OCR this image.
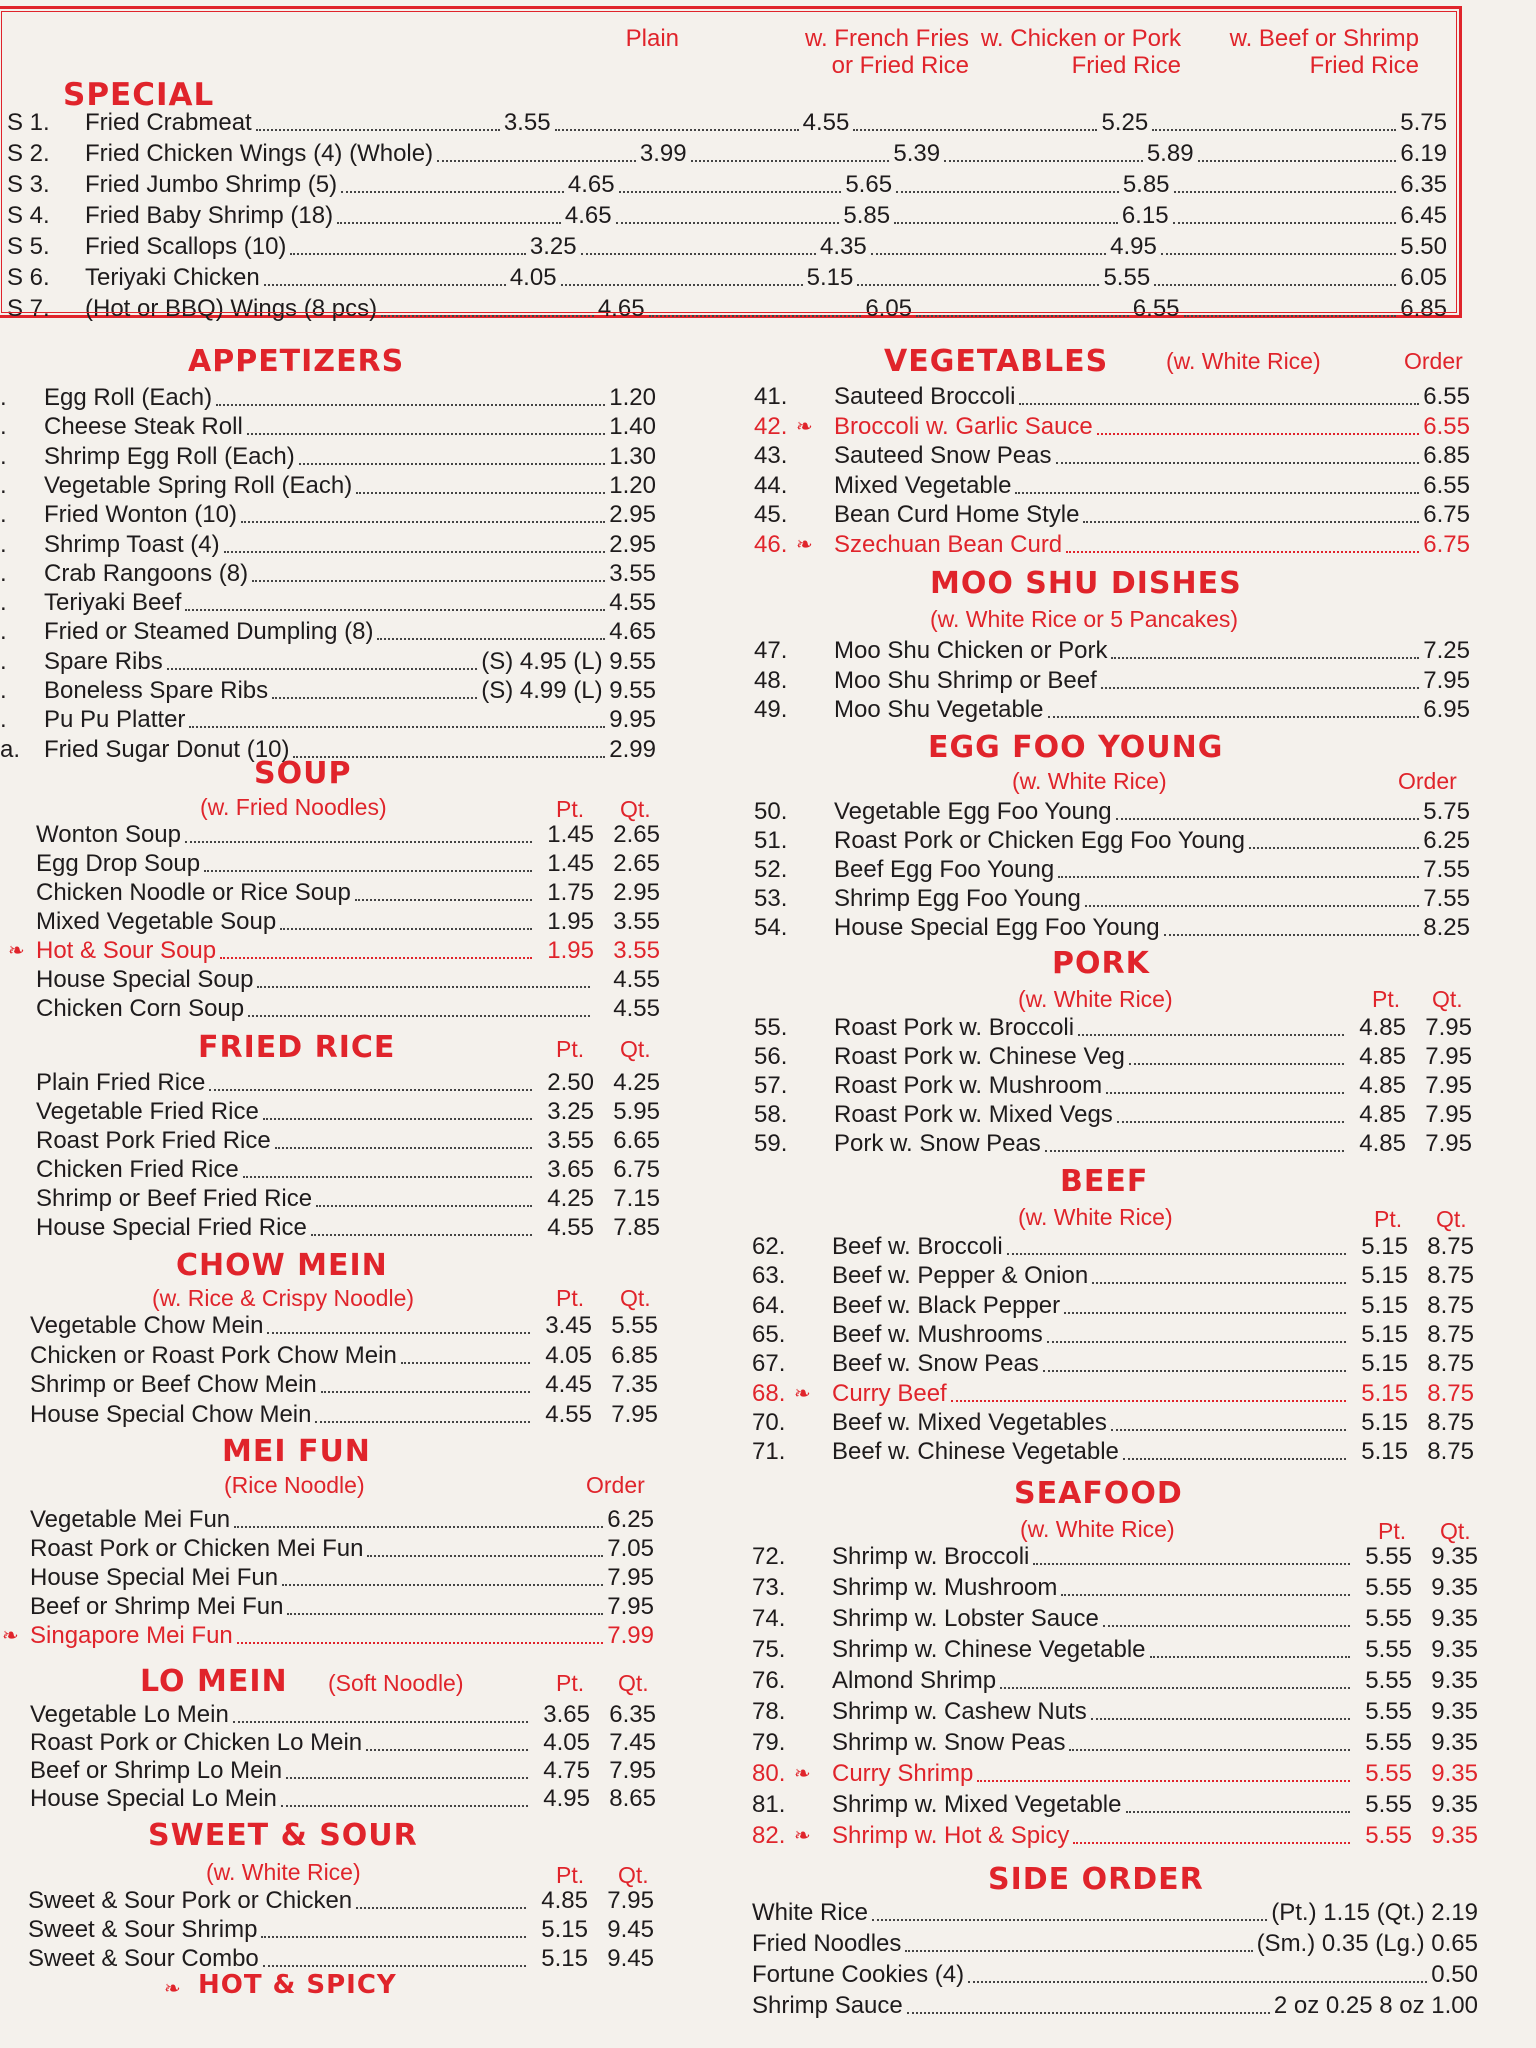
Plain	w. French Fries
or Fried Rice
w. Chicken or Pork
Fried Rice
w. Beef or Shrimp
Fried Rice
SPECIAL
S 1.	Fried Crabmeat	3.55	4.55	5.25	5.75
S 2.	Fried Chicken Wings (4) (Whole)	3.99	5.39	5.89	6.19
S 3.	Fried Jumbo Shrimp (5)	4.65	5.65	5.85	6.35
S 4.	Fried Baby Shrimp (18)	4.65	5.85	6.15	6.45
S 5.	Fried Scallops (10)	3.25	4.35	4.95	5.50
S 6.	Teriyaki Chicken	4.05	5.15	5.55	6.05
S 7.	(Hot or BBQ) Wings (8 pcs)	4.65	6.05	6.55	6.85
APPETIZERS
.	Egg Roll (Each)	1.20
.	Cheese Steak Roll	1.40
.	Shrimp Egg Roll (Each)	1.30
.	Vegetable Spring Roll (Each)	1.20
.	Fried Wonton (10)	2.95
.	Shrimp Toast (4)	2.95
.	Crab Rangoons (8)	3.55
.	Teriyaki Beef	4.55
.	Fried or Steamed Dumpling (8)	4.65
.	Spare Ribs	(S) 4.95 (L) 9.55
.	Boneless Spare Ribs	(S) 4.99 (L) 9.55
.	Pu Pu Platter	9.95
a. Fried Sugar Donut (10)	2.99
SOUP
(w. Fried Noodles)	Pt. Qt.
Wonton Soup	1.45 2.65
Egg Drop Soup	1.45 2.65
Chicken Noodle or Rice Soup	1.75 2.95
Mixed Vegetable Soup	1.95 3.55
❧ Hot & Sour Soup	1.95 3.55
House Special Soup	4.55
Chicken Corn Soup	4.55
FRIED RICE	Pt. Qt.
Plain Fried Rice	2.50 4.25
Vegetable Fried Rice	3.25 5.95
Roast Pork Fried Rice	3.55 6.65
Chicken Fried Rice	3.65 6.75
Shrimp or Beef Fried Rice	4.25 7.15
House Special Fried Rice	4.55 7.85
CHOW MEIN
(w. Rice & Crispy Noodle)	Pt. Qt.
Vegetable Chow Mein	3.45 5.55
Chicken or Roast Pork Chow Mein	4.05 6.85
Shrimp or Beef Chow Mein	4.45 7.35
House Special Chow Mein	4.55 7.95
MEI FUN
(Rice Noodle)	Order
Vegetable Mei Fun	6.25
Roast Pork or Chicken Mei Fun	7.05
House Special Mei Fun	7.95
Beef or Shrimp Mei Fun	7.95
❧ Singapore Mei Fun	7.99
LO MEIN (Soft Noodle)	Pt. Qt.
Vegetable Lo Mein	3.65 6.35
Roast Pork or Chicken Lo Mein	4.05 7.45
Beef or Shrimp Lo Mein	4.75 7.95
House Special Lo Mein	4.95 8.65
SWEET & SOUR
(w. White Rice)	Pt. Qt.
Sweet & Sour Pork or Chicken	4.85 7.95
Sweet & Sour Shrimp	5.15 9.45
Sweet & Sour Combo	5.15 9.45
❧ HOT & SPICY
VEGETABLES	(w. White Rice)	Order
41.	Sauteed Broccoli	6.55
42. ❧ Broccoli w. Garlic Sauce	6.55
43.	Sauteed Snow Peas	6.85
44.	Mixed Vegetable	6.55
45.	Bean Curd Home Style	6.75
46. ❧ Szechuan Bean Curd	6.75
MOO SHU DISHES
(w. White Rice or 5 Pancakes)
47.	Moo Shu Chicken or Pork	7.25
48.	Moo Shu Shrimp or Beef	7.95
49.	Moo Shu Vegetable	6.95
EGG FOO YOUNG
(w. White Rice)	Order
50.	Vegetable Egg Foo Young	5.75
51.	Roast Pork or Chicken Egg Foo Young	6.25
52.	Beef Egg Foo Young	7.55
53.	Shrimp Egg Foo Young	7.55
54.	House Special Egg Foo Young	8.25
PORK
(w. White Rice)	Pt. Qt.
55.	Roast Pork w. Broccoli	4.85 7.95
56.	Roast Pork w. Chinese Veg	4.85 7.95
57.	Roast Pork w. Mushroom	4.85 7.95
58.	Roast Pork w. Mixed Vegs	4.85 7.95
59.	Pork w. Snow Peas	4.85 7.95
BEEF
(w. White Rice)	Pt. Qt.
62.	Beef w. Broccoli	5.15 8.75
63.	Beef w. Pepper & Onion	5.15 8.75
64.	Beef w. Black Pepper	5.15 8.75
65.	Beef w. Mushrooms	5.15 8.75
67.	Beef w. Snow Peas	5.15 8.75
68. ❧ Curry Beef	5.15 8.75
70.	Beef w. Mixed Vegetables	5.15 8.75
71.	Beef w. Chinese Vegetable	5.15 8.75
SEAFOOD
(w. White Rice)	Pt. Qt.
72.	Shrimp w. Broccoli	5.55 9.35
73.	Shrimp w. Mushroom	5.55 9.35
74.	Shrimp w. Lobster Sauce	5.55 9.35
75.	Shrimp w. Chinese Vegetable	5.55 9.35
76.	Almond Shrimp	5.55 9.35
78.	Shrimp w. Cashew Nuts	5.55 9.35
79.	Shrimp w. Snow Peas	5.55 9.35
80. ❧ Curry Shrimp	5.55 9.35
81.	Shrimp w. Mixed Vegetable	5.55 9.35
82. ❧ Shrimp w. Hot & Spicy	5.55 9.35
SIDE ORDER
White Rice	(Pt.) 1.15 (Qt.) 2.19
Fried Noodles	(Sm.) 0.35 (Lg.) 0.65
Fortune Cookies (4)	0.50
Shrimp Sauce	2 oz 0.25 8 oz 1.00
